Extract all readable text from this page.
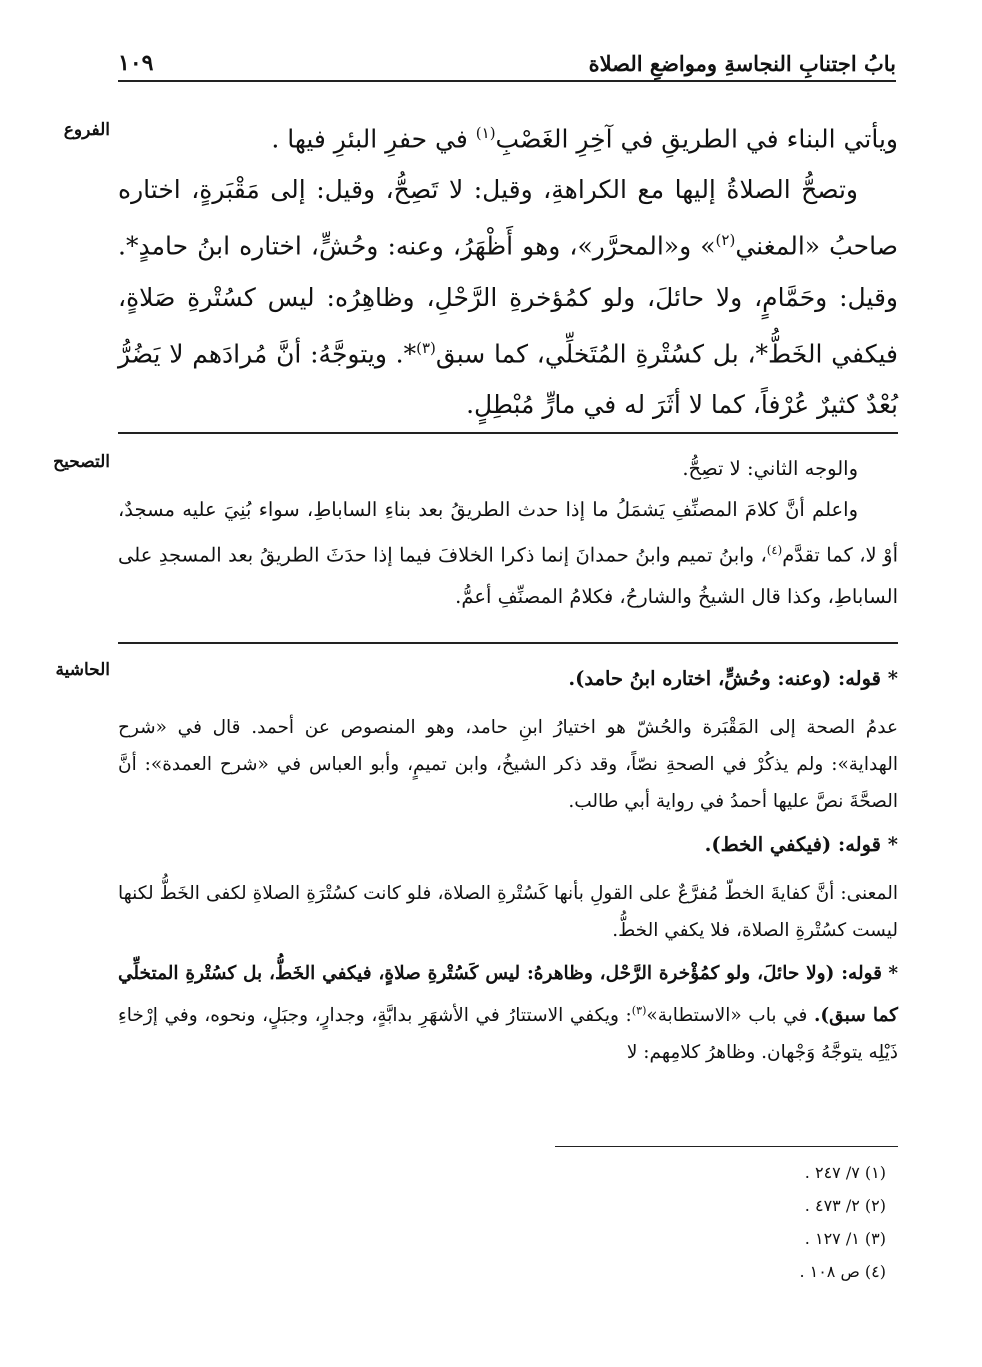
بابُ اجتنابِ النجاسةِ ومواضعِ الصلاة
١٠٩
الفروع
التصحيح
الحاشية

ويأتي البناء في الطريقِ في آخِرِ الغَصْبِ$^{(١)}$ في حفرِ البئرِ فيها .

وتصحُّ الصلاةُ إليها مع الكراهةِ، وقيل: لا تَصِحُّ، وقيل: إلى مَقْبَرةٍ، اختاره صاحبُ «المغني$^{(٢)}$» و«المحرَّر»، وهو أَظْهَرُ، وعنه: وحُشٍّ، اختاره ابنُ حامدٍ*. وقيل: وحَمَّامٍ، ولا حائلَ، ولو كمُؤخرةِ الرَّحْلِ، وظاهِرُه: ليس كسُتْرةِ صَلاةٍ، فيكفي الخَطُّ*، بل كسُتْرةِ المُتَخلِّي، كما سبق$^{(٣)}$*. ويتوجَّهُ: أنَّ مُرادَهم لا يَضُرُّ بُعْدٌ كثيرٌ عُرْفاً، كما لا أثَرَ له في مارٍّ مُبْطِلٍ.

والوجه الثاني: لا تصِحُّ.

واعلم أنَّ كلامَ المصنِّفِ يَشمَلُ ما إذا حدث الطريقُ بعد بناءِ الساباطِ، سواء بُنِيَ عليه مسجدٌ، أوْ لا، كما تقدَّم$^{(٤)}$، وابنُ تميم وابنُ حمدانَ إنما ذكرا الخلافَ فيما إذا حدَثَ الطريقُ بعد المسجدِ على الساباطِ، وكذا قال الشيخُ والشارحُ، فكلامُ المصنِّفِ أعمُّ.

* قوله: (وعنه: وحُشٍّ، اختاره ابنُ حامد).

عدمُ الصحة إلى المَقْبَرة والحُشّ هو اختيارُ ابنِ حامد، وهو المنصوص عن أحمد. قال في «شرح الهداية»: ولم يذكُرْ في الصحةِ نصّاً، وقد ذكر الشيخُ، وابن تميمٍ، وأبو العباس في «شرح العمدة»: أنَّ الصحَّةَ نصَّ عليها أحمدُ في رواية أبي طالب.

* قوله: (فيكفي الخط).

المعنى: أنَّ كفايةَ الخطّ مُفرَّعٌ على القولِ بأنها كَسُتْرةِ الصلاة، فلو كانت كسُتْرَةِ الصلاةِ لكفى الخَطُّ لكنها ليست كسُتْرةِ الصلاة، فلا يكفي الخطُّ.

* قوله: (ولا حائلَ، ولو كمُؤْخرة الرَّحْل، وظاهرهُ: ليس كَسُتْرةِ صلاةٍ، فيكفي الخَطُّ، بل كسُتْرةِ المتخلِّي كما سبق). في باب «الاستطابة»$^{(٣)}$: ويكفي الاستتارُ في الأشهَرِ بدابَّةٍ، وجدارٍ، وجبَلٍ، ونحوه، وفي إرْخاءِ ذَيْلِه يتوجَّهُ وَجْهان. وظاهرُ كلامِهم: لا

(١) ٧/ ٢٤٧ .
(٢) ٢/ ٤٧٣ .
(٣) ١/ ١٢٧ .
(٤) ص ١٠٨ .
